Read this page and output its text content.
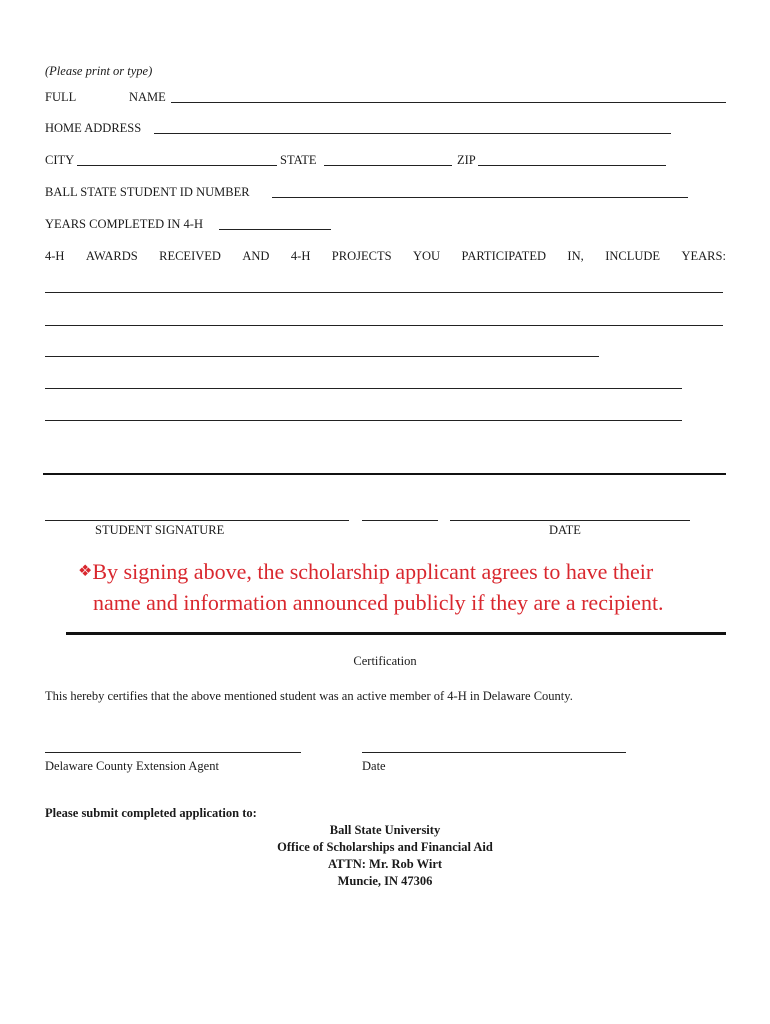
(Please print or type)
FULL	NAME
HOME ADDRESS
CITY	STATE	ZIP
BALL STATE STUDENT ID NUMBER
YEARS COMPLETED IN 4-H
4-H AWARDS RECEIVED AND 4-H PROJECTS YOU PARTICIPATED IN, INCLUDE YEARS:
STUDENT SIGNATURE	DATE
❖By signing above, the scholarship applicant agrees to have their
name and information announced publicly if they are a recipient.
Certification
This hereby certifies that the above mentioned student was an active member of 4-H in Delaware County.
Delaware County Extension Agent	Date
Please submit completed application to:
Ball State University
Office of Scholarships and Financial Aid
ATTN: Mr. Rob Wirt
Muncie, IN 47306
